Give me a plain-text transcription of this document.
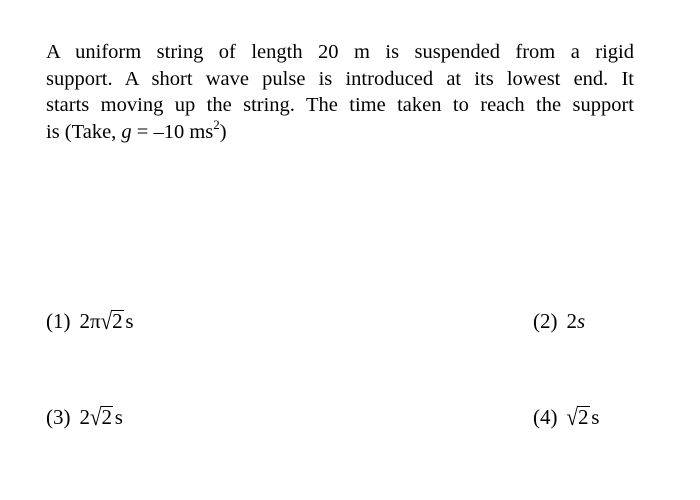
A uniform string of length 20 m is suspended from a rigid
support. A short wave pulse is introduced at its lowest end. It
starts moving up the string. The time taken to reach the support
is (Take, g = –10 $ms^2$)
(1) 2π√2  s	(2) 2s
(3) 2√2  s	(4) √2  s
